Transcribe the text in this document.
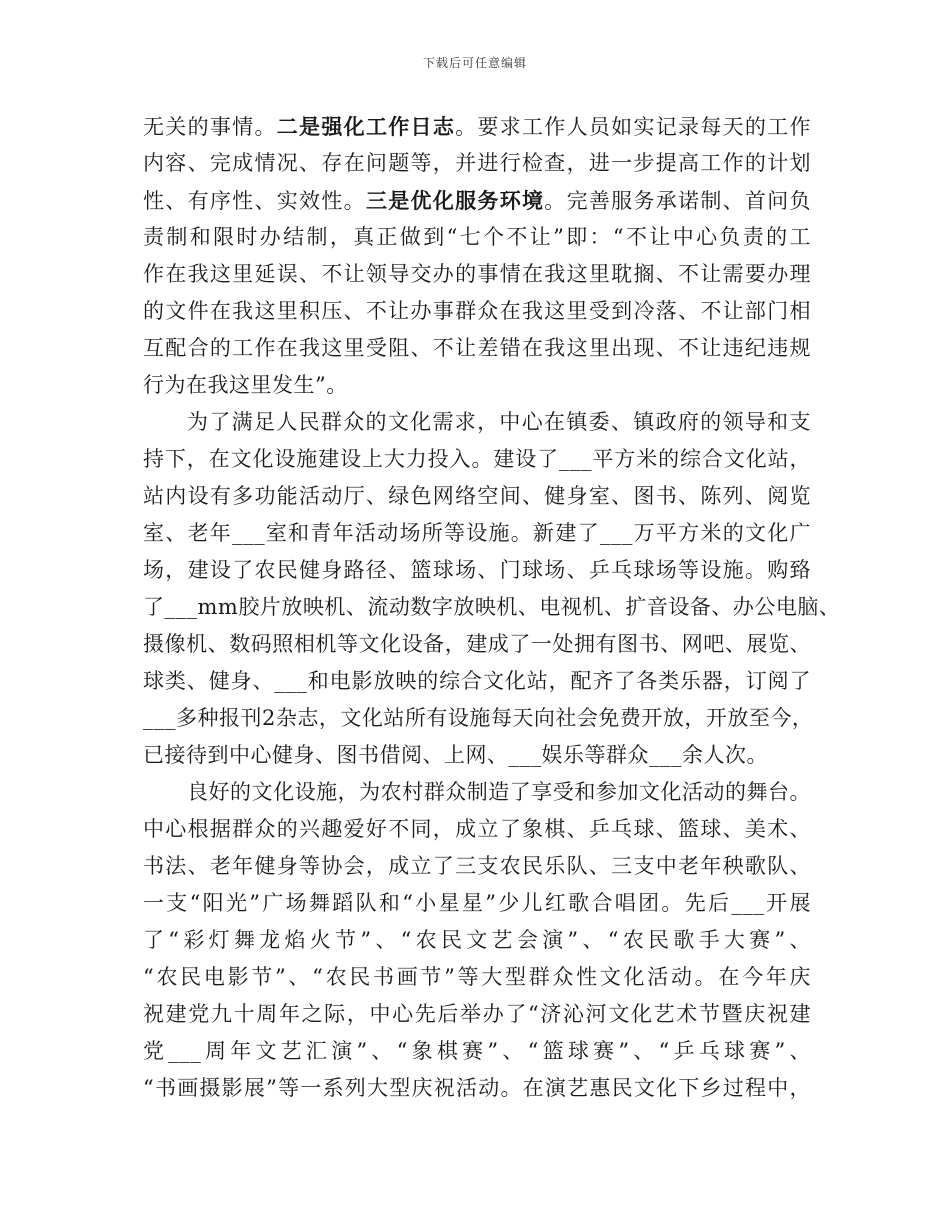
下载后可任意编辑
无关的事情。二是强化工作日志。要求工作人员如实记录每天的工作
内容、完成情况、存在问题等，并进行检查，进一步提高工作的计划
性、有序性、实效性。三是优化服务环境。完善服务承诺制、首问负
责制和限时办结制，真正做到“七个不让”即：“不让中心负责的工
作在我这里延误、不让领导交办的事情在我这里耽搁、不让需要办理
的文件在我这里积压、不让办事群众在我这里受到冷落、不让部门相
互配合的工作在我这里受阻、不让差错在我这里出现、不让违纪违规
行为在我这里发生”。
为了满足人民群众的文化需求，中心在镇委、镇政府的领导和支
持下，在文化设施建设上大力投入。建设了___平方米的综合文化站，
站内设有多功能活动厅、绿色网络空间、健身室、图书、陈列、阅览
室、老年___室和青年活动场所等设施。新建了___万平方米的文化广
场，建设了农民健身路径、篮球场、门球场、乒乓球场等设施。购臵
了___mm胶片放映机、流动数字放映机、电视机、扩音设备、办公电脑、
摄像机、数码照相机等文化设备，建成了一处拥有图书、网吧、展览、
球类、健身、___和电影放映的综合文化站，配齐了各类乐器，订阅了
___多种报刊2杂志，文化站所有设施每天向社会免费开放，开放至今，
已接待到中心健身、图书借阅、上网、___娱乐等群众___余人次。
良好的文化设施，为农村群众制造了享受和参加文化活动的舞台。
中心根据群众的兴趣爱好不同，成立了象棋、乒乓球、篮球、美术、
书法、老年健身等协会，成立了三支农民乐队、三支中老年秧歌队、
一支“阳光”广场舞蹈队和“小星星”少儿红歌合唱团。先后___开展
了“彩灯舞龙焰火节”、“农民文艺会演”、“农民歌手大赛”、
“农民电影节”、“农民书画节”等大型群众性文化活动。在今年庆
祝建党九十周年之际，中心先后举办了“济沁河文化艺术节暨庆祝建
党___周年文艺汇演”、“象棋赛”、“篮球赛”、“乒乓球赛”、
“书画摄影展”等一系列大型庆祝活动。在演艺惠民文化下乡过程中，
